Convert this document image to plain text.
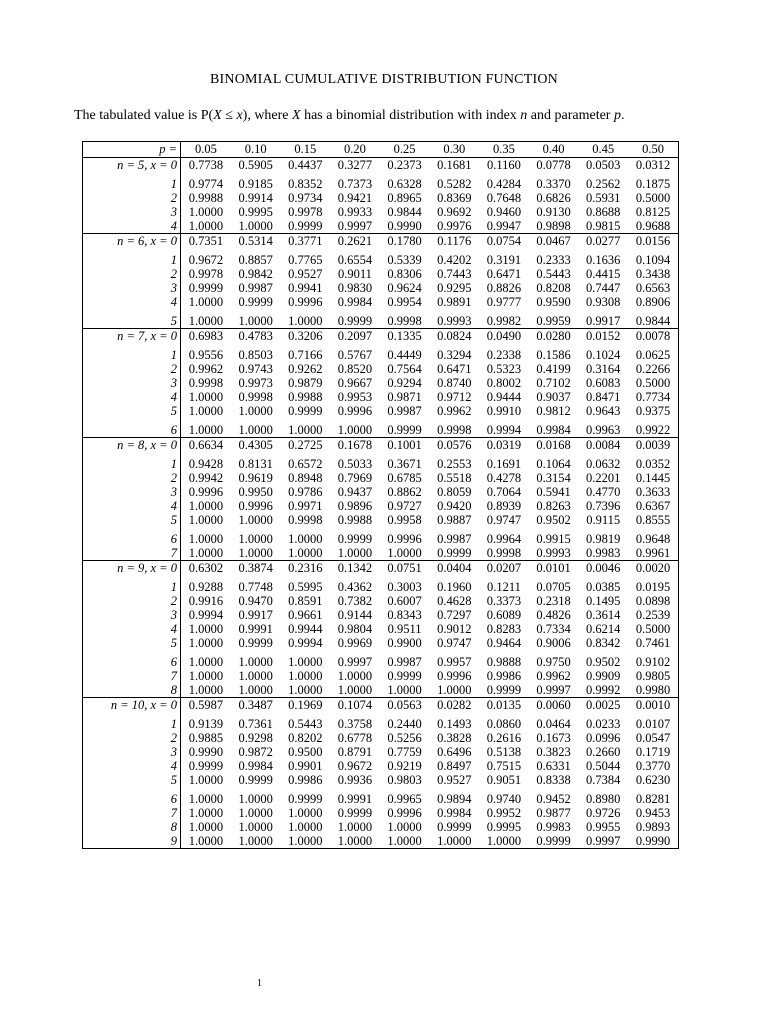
BINOMIAL CUMULATIVE DISTRIBUTION FUNCTION
The tabulated value is P(X ≤ x), where X has a binomial distribution with index n and parameter p.
p =	0.05	0.10	0.15	0.20	0.25	0.30	0.35	0.40	0.45	0.50
n = 5, x = 0	0.7738	0.5905	0.4437	0.3277	0.2373	0.1681	0.1160	0.0778	0.0503	0.0312
1	0.9774	0.9185	0.8352	0.7373	0.6328	0.5282	0.4284	0.3370	0.2562	0.1875
2	0.9988	0.9914	0.9734	0.9421	0.8965	0.8369	0.7648	0.6826	0.5931	0.5000
3	1.0000	0.9995	0.9978	0.9933	0.9844	0.9692	0.9460	0.9130	0.8688	0.8125
4	1.0000	1.0000	0.9999	0.9997	0.9990	0.9976	0.9947	0.9898	0.9815	0.9688
n = 6, x = 0	0.7351	0.5314	0.3771	0.2621	0.1780	0.1176	0.0754	0.0467	0.0277	0.0156
1	0.9672	0.8857	0.7765	0.6554	0.5339	0.4202	0.3191	0.2333	0.1636	0.1094
2	0.9978	0.9842	0.9527	0.9011	0.8306	0.7443	0.6471	0.5443	0.4415	0.3438
3	0.9999	0.9987	0.9941	0.9830	0.9624	0.9295	0.8826	0.8208	0.7447	0.6563
4	1.0000	0.9999	0.9996	0.9984	0.9954	0.9891	0.9777	0.9590	0.9308	0.8906
5	1.0000	1.0000	1.0000	0.9999	0.9998	0.9993	0.9982	0.9959	0.9917	0.9844
n = 7, x = 0	0.6983	0.4783	0.3206	0.2097	0.1335	0.0824	0.0490	0.0280	0.0152	0.0078
1	0.9556	0.8503	0.7166	0.5767	0.4449	0.3294	0.2338	0.1586	0.1024	0.0625
2	0.9962	0.9743	0.9262	0.8520	0.7564	0.6471	0.5323	0.4199	0.3164	0.2266
3	0.9998	0.9973	0.9879	0.9667	0.9294	0.8740	0.8002	0.7102	0.6083	0.5000
4	1.0000	0.9998	0.9988	0.9953	0.9871	0.9712	0.9444	0.9037	0.8471	0.7734
5	1.0000	1.0000	0.9999	0.9996	0.9987	0.9962	0.9910	0.9812	0.9643	0.9375
6	1.0000	1.0000	1.0000	1.0000	0.9999	0.9998	0.9994	0.9984	0.9963	0.9922
n = 8, x = 0	0.6634	0.4305	0.2725	0.1678	0.1001	0.0576	0.0319	0.0168	0.0084	0.0039
1	0.9428	0.8131	0.6572	0.5033	0.3671	0.2553	0.1691	0.1064	0.0632	0.0352
2	0.9942	0.9619	0.8948	0.7969	0.6785	0.5518	0.4278	0.3154	0.2201	0.1445
3	0.9996	0.9950	0.9786	0.9437	0.8862	0.8059	0.7064	0.5941	0.4770	0.3633
4	1.0000	0.9996	0.9971	0.9896	0.9727	0.9420	0.8939	0.8263	0.7396	0.6367
5	1.0000	1.0000	0.9998	0.9988	0.9958	0.9887	0.9747	0.9502	0.9115	0.8555
6	1.0000	1.0000	1.0000	0.9999	0.9996	0.9987	0.9964	0.9915	0.9819	0.9648
7	1.0000	1.0000	1.0000	1.0000	1.0000	0.9999	0.9998	0.9993	0.9983	0.9961
n = 9, x = 0	0.6302	0.3874	0.2316	0.1342	0.0751	0.0404	0.0207	0.0101	0.0046	0.0020
1	0.9288	0.7748	0.5995	0.4362	0.3003	0.1960	0.1211	0.0705	0.0385	0.0195
2	0.9916	0.9470	0.8591	0.7382	0.6007	0.4628	0.3373	0.2318	0.1495	0.0898
3	0.9994	0.9917	0.9661	0.9144	0.8343	0.7297	0.6089	0.4826	0.3614	0.2539
4	1.0000	0.9991	0.9944	0.9804	0.9511	0.9012	0.8283	0.7334	0.6214	0.5000
5	1.0000	0.9999	0.9994	0.9969	0.9900	0.9747	0.9464	0.9006	0.8342	0.7461
6	1.0000	1.0000	1.0000	0.9997	0.9987	0.9957	0.9888	0.9750	0.9502	0.9102
7	1.0000	1.0000	1.0000	1.0000	0.9999	0.9996	0.9986	0.9962	0.9909	0.9805
8	1.0000	1.0000	1.0000	1.0000	1.0000	1.0000	0.9999	0.9997	0.9992	0.9980
n = 10, x = 0	0.5987	0.3487	0.1969	0.1074	0.0563	0.0282	0.0135	0.0060	0.0025	0.0010
1	0.9139	0.7361	0.5443	0.3758	0.2440	0.1493	0.0860	0.0464	0.0233	0.0107
2	0.9885	0.9298	0.8202	0.6778	0.5256	0.3828	0.2616	0.1673	0.0996	0.0547
3	0.9990	0.9872	0.9500	0.8791	0.7759	0.6496	0.5138	0.3823	0.2660	0.1719
4	0.9999	0.9984	0.9901	0.9672	0.9219	0.8497	0.7515	0.6331	0.5044	0.3770
5	1.0000	0.9999	0.9986	0.9936	0.9803	0.9527	0.9051	0.8338	0.7384	0.6230
6	1.0000	1.0000	0.9999	0.9991	0.9965	0.9894	0.9740	0.9452	0.8980	0.8281
7	1.0000	1.0000	1.0000	0.9999	0.9996	0.9984	0.9952	0.9877	0.9726	0.9453
8	1.0000	1.0000	1.0000	1.0000	1.0000	0.9999	0.9995	0.9983	0.9955	0.9893
9	1.0000	1.0000	1.0000	1.0000	1.0000	1.0000	1.0000	0.9999	0.9997	0.9990
1
